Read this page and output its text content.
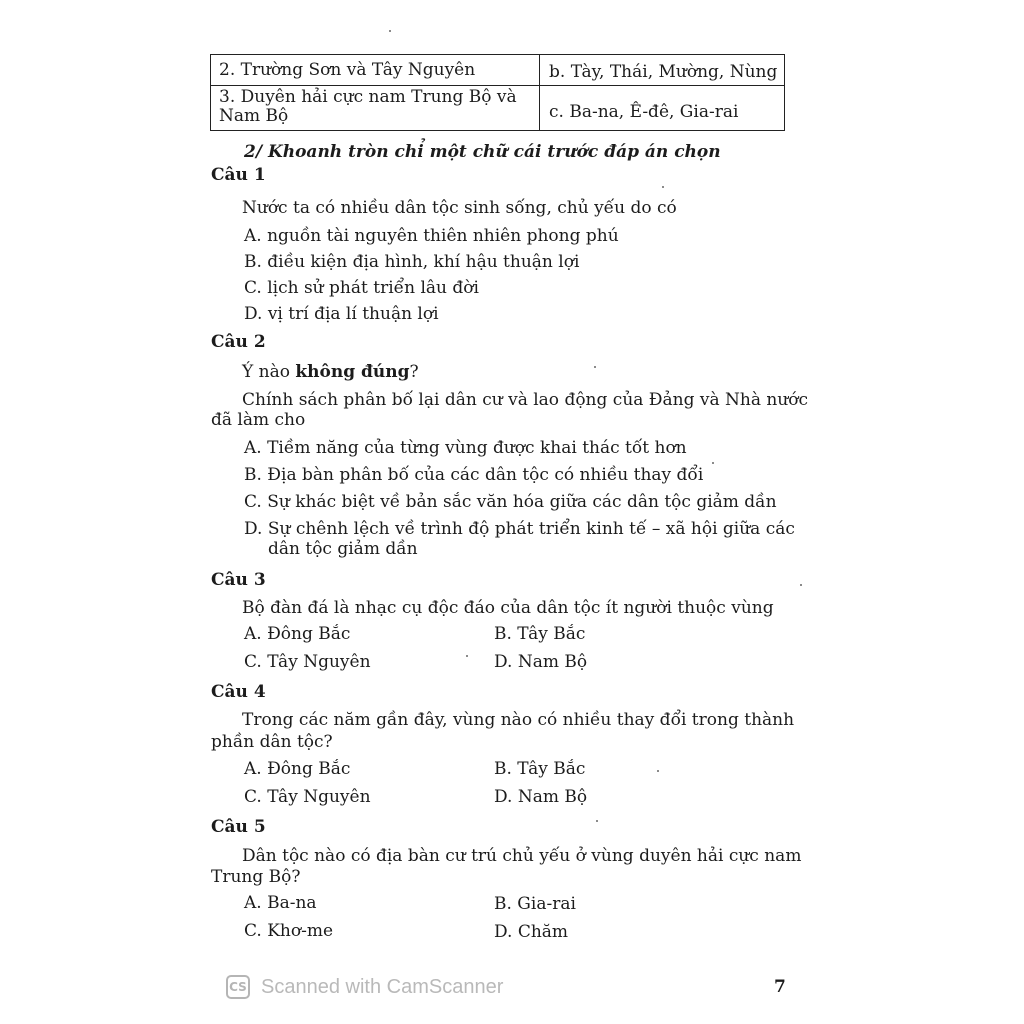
2. Trường Sơn và Tây Nguyên	b. Tày, Thái, Mường, Nùng
3. Duyên hải cực nam Trung Bộ và Nam Bộ	c. Ba-na, Ê-đê, Gia-rai
2/ Khoanh tròn chỉ một chữ cái trước đáp án chọn
Câu 1
Nước ta có nhiều dân tộc sinh sống, chủ yếu do có
A. nguồn tài nguyên thiên nhiên phong phú
B. điều kiện địa hình, khí hậu thuận lợi
C. lịch sử phát triển lâu đời
D. vị trí địa lí thuận lợi
Câu 2
Ý nào không đúng?
Chính sách phân bố lại dân cư và lao động của Đảng và Nhà nước
đã làm cho
A. Tiềm năng của từng vùng được khai thác tốt hơn
B. Địa bàn phân bố của các dân tộc có nhiều thay đổi
C. Sự khác biệt về bản sắc văn hóa giữa các dân tộc giảm dần
D. Sự chênh lệch về trình độ phát triển kinh tế – xã hội giữa các
dân tộc giảm dần
Câu 3
Bộ đàn đá là nhạc cụ độc đáo của dân tộc ít người thuộc vùng
A. Đông Bắc	B. Tây Bắc
C. Tây Nguyên	D. Nam Bộ
Câu 4
Trong các năm gần đây, vùng nào có nhiều thay đổi trong thành
phần dân tộc?
A. Đông Bắc	B. Tây Bắc
C. Tây Nguyên	D. Nam Bộ
Câu 5
Dân tộc nào có địa bàn cư trú chủ yếu ở vùng duyên hải cực nam
Trung Bộ?
A. Ba-na	B. Gia-rai
C. Khơ-me	D. Chăm
CS Scanned with CamScanner	7
